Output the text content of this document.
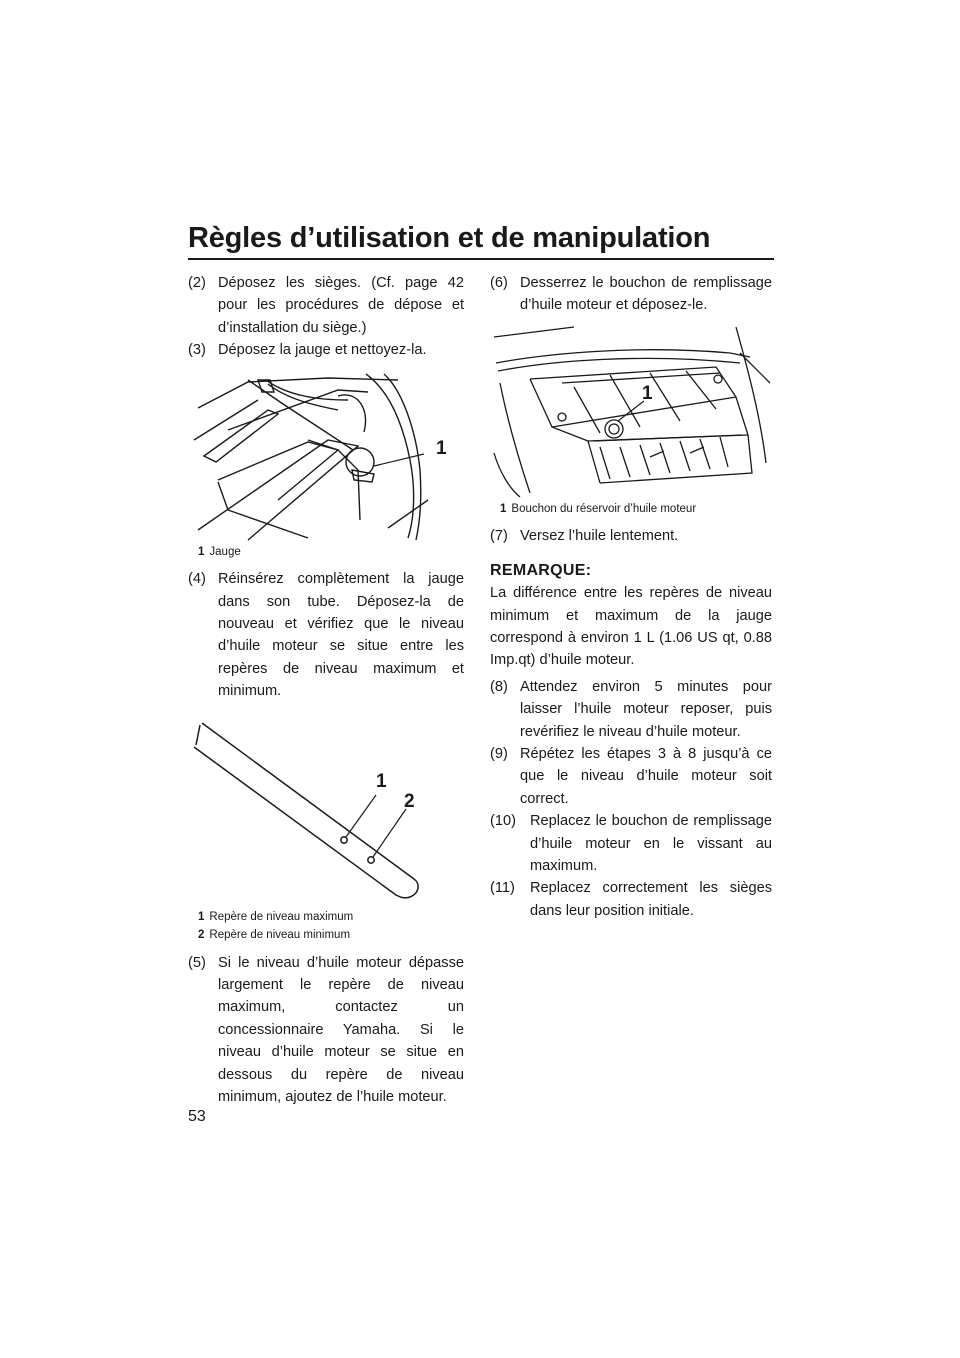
Règles d’utilisation et de manipulation

(2) Déposez les sièges. (Cf. page 42 pour les procédures de dépose et d’installation du siège.)

(3) Déposez la jauge et nettoyez-la.

1
1 Jauge

(4) Réinsérez complètement la jauge dans son tube. Déposez-la de nouveau et vérifiez que le niveau d’huile moteur se situe entre les repères de niveau maximum et minimum.

1
2
1 Repère de niveau maximum
2 Repère de niveau minimum

(5) Si le niveau d’huile moteur dépasse largement le repère de niveau maximum, contactez un concessionnaire Yamaha. Si le niveau d’huile moteur se situe en dessous du repère de niveau minimum, ajoutez de l’huile moteur.

(6) Desserrez le bouchon de remplissage d’huile moteur et déposez-le.

1
1 Bouchon du réservoir d’huile moteur

(7) Versez l’huile lentement.

REMARQUE:

La différence entre les repères de niveau minimum et maximum de la jauge correspond à environ 1 L (1.06 US qt, 0.88 Imp.qt) d’huile moteur.

(8) Attendez environ 5 minutes pour laisser l’huile moteur reposer, puis revérifiez le niveau d’huile moteur.

(9) Répétez les étapes 3 à 8 jusqu’à ce que le niveau d’huile moteur soit correct.

(10) Replacez le bouchon de remplissage d’huile moteur en le vissant au maximum.

(11) Replacez correctement les sièges dans leur position initiale.

53
